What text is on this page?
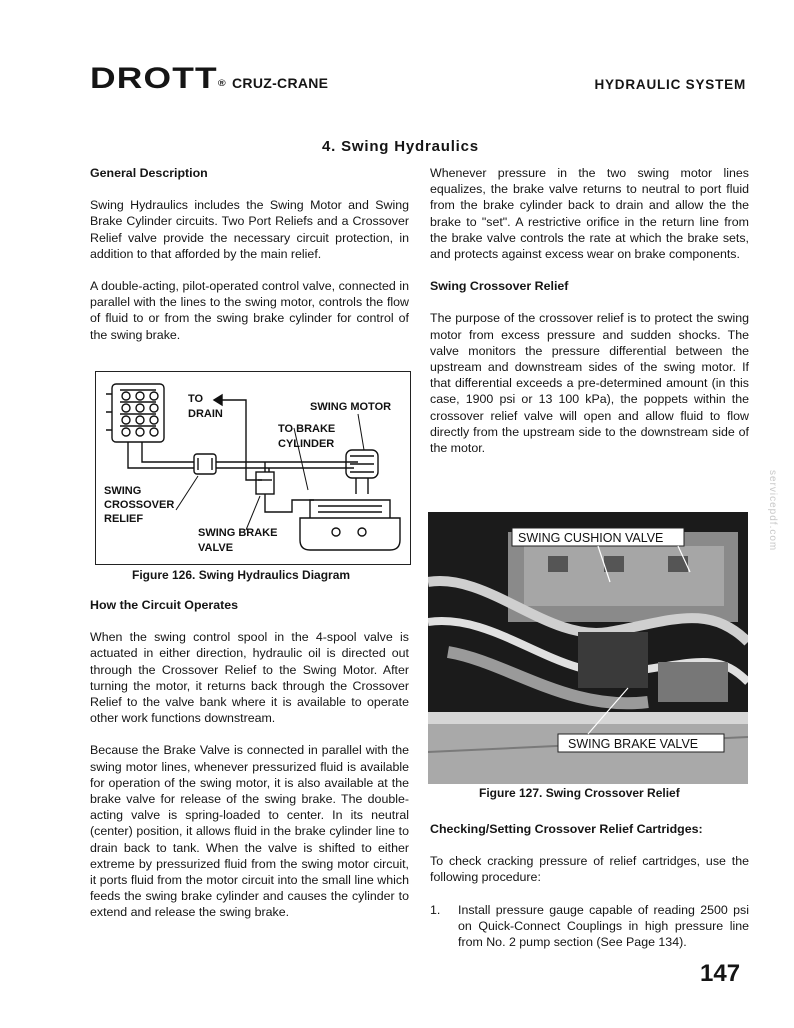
DROTT® CRUZ-CRANE	HYDRAULIC SYSTEM
4. Swing Hydraulics
General Description

Swing Hydraulics includes the Swing Motor and Swing Brake Cylinder circuits. Two Port Reliefs and a Crossover Relief valve provide the necessary circuit protection, in addition to that afforded by the main relief.

A double-acting, pilot-operated control valve, connected in parallel with the lines to the swing motor, controls the flow of fluid to or from the swing brake cylinder for control of the swing brake.

TO
DRAIN
SWING MOTOR
TO BRAKE
CYLINDER
SWING
CROSSOVER
RELIEF
SWING BRAKE
VALVE
Figure 126. Swing Hydraulics Diagram
How the Circuit Operates

When the swing control spool in the 4-spool valve is actuated in either direction, hydraulic oil is directed out through the Crossover Relief to the Swing Motor. After turning the motor, it returns back through the Crossover Relief to the valve bank where it is available to operate other work functions downstream.

Because the Brake Valve is connected in parallel with the swing motor lines, whenever pressurized fluid is available for operation of the swing motor, it is also available at the brake valve for release of the swing brake. The double-acting valve is spring-loaded to center. In its neutral (center) position, it allows fluid in the brake cylinder line to drain back to tank. When the valve is shifted to either extreme by pressurized fluid from the swing motor circuit, it ports fluid from the motor circuit into the small line which feeds the swing brake cylinder and causes the cylinder to extend and release the swing brake.

Whenever pressure in the two swing motor lines equalizes, the brake valve returns to neutral to port fluid from the brake cylinder back to drain and allow the the brake to "set". A restrictive orifice in the return line from the brake valve controls the rate at which the brake sets, and protects against excess wear on brake components.

Swing Crossover Relief

The purpose of the crossover relief is to protect the swing motor from excess pressure and sudden shocks. The valve monitors the pressure differential between the upstream and downstream sides of the swing motor. If that differential exceeds a pre-determined amount (in this case, 1900 psi or 13 100 kPa), the poppets within the crossover relief valve will open and allow fluid to flow directly from the upstream side to the downstream side of the motor.

SWING CUSHION VALVE
SWING BRAKE VALVE
Figure 127. Swing Crossover Relief
Checking/Setting Crossover Relief Cartridges:

To check cracking pressure of relief cartridges, use the following procedure:

1.	Install pressure gauge capable of reading 2500 psi on Quick-Connect Couplings in high pressure line from No. 2 pump section (See Page 134).
147
servicepdf.com
